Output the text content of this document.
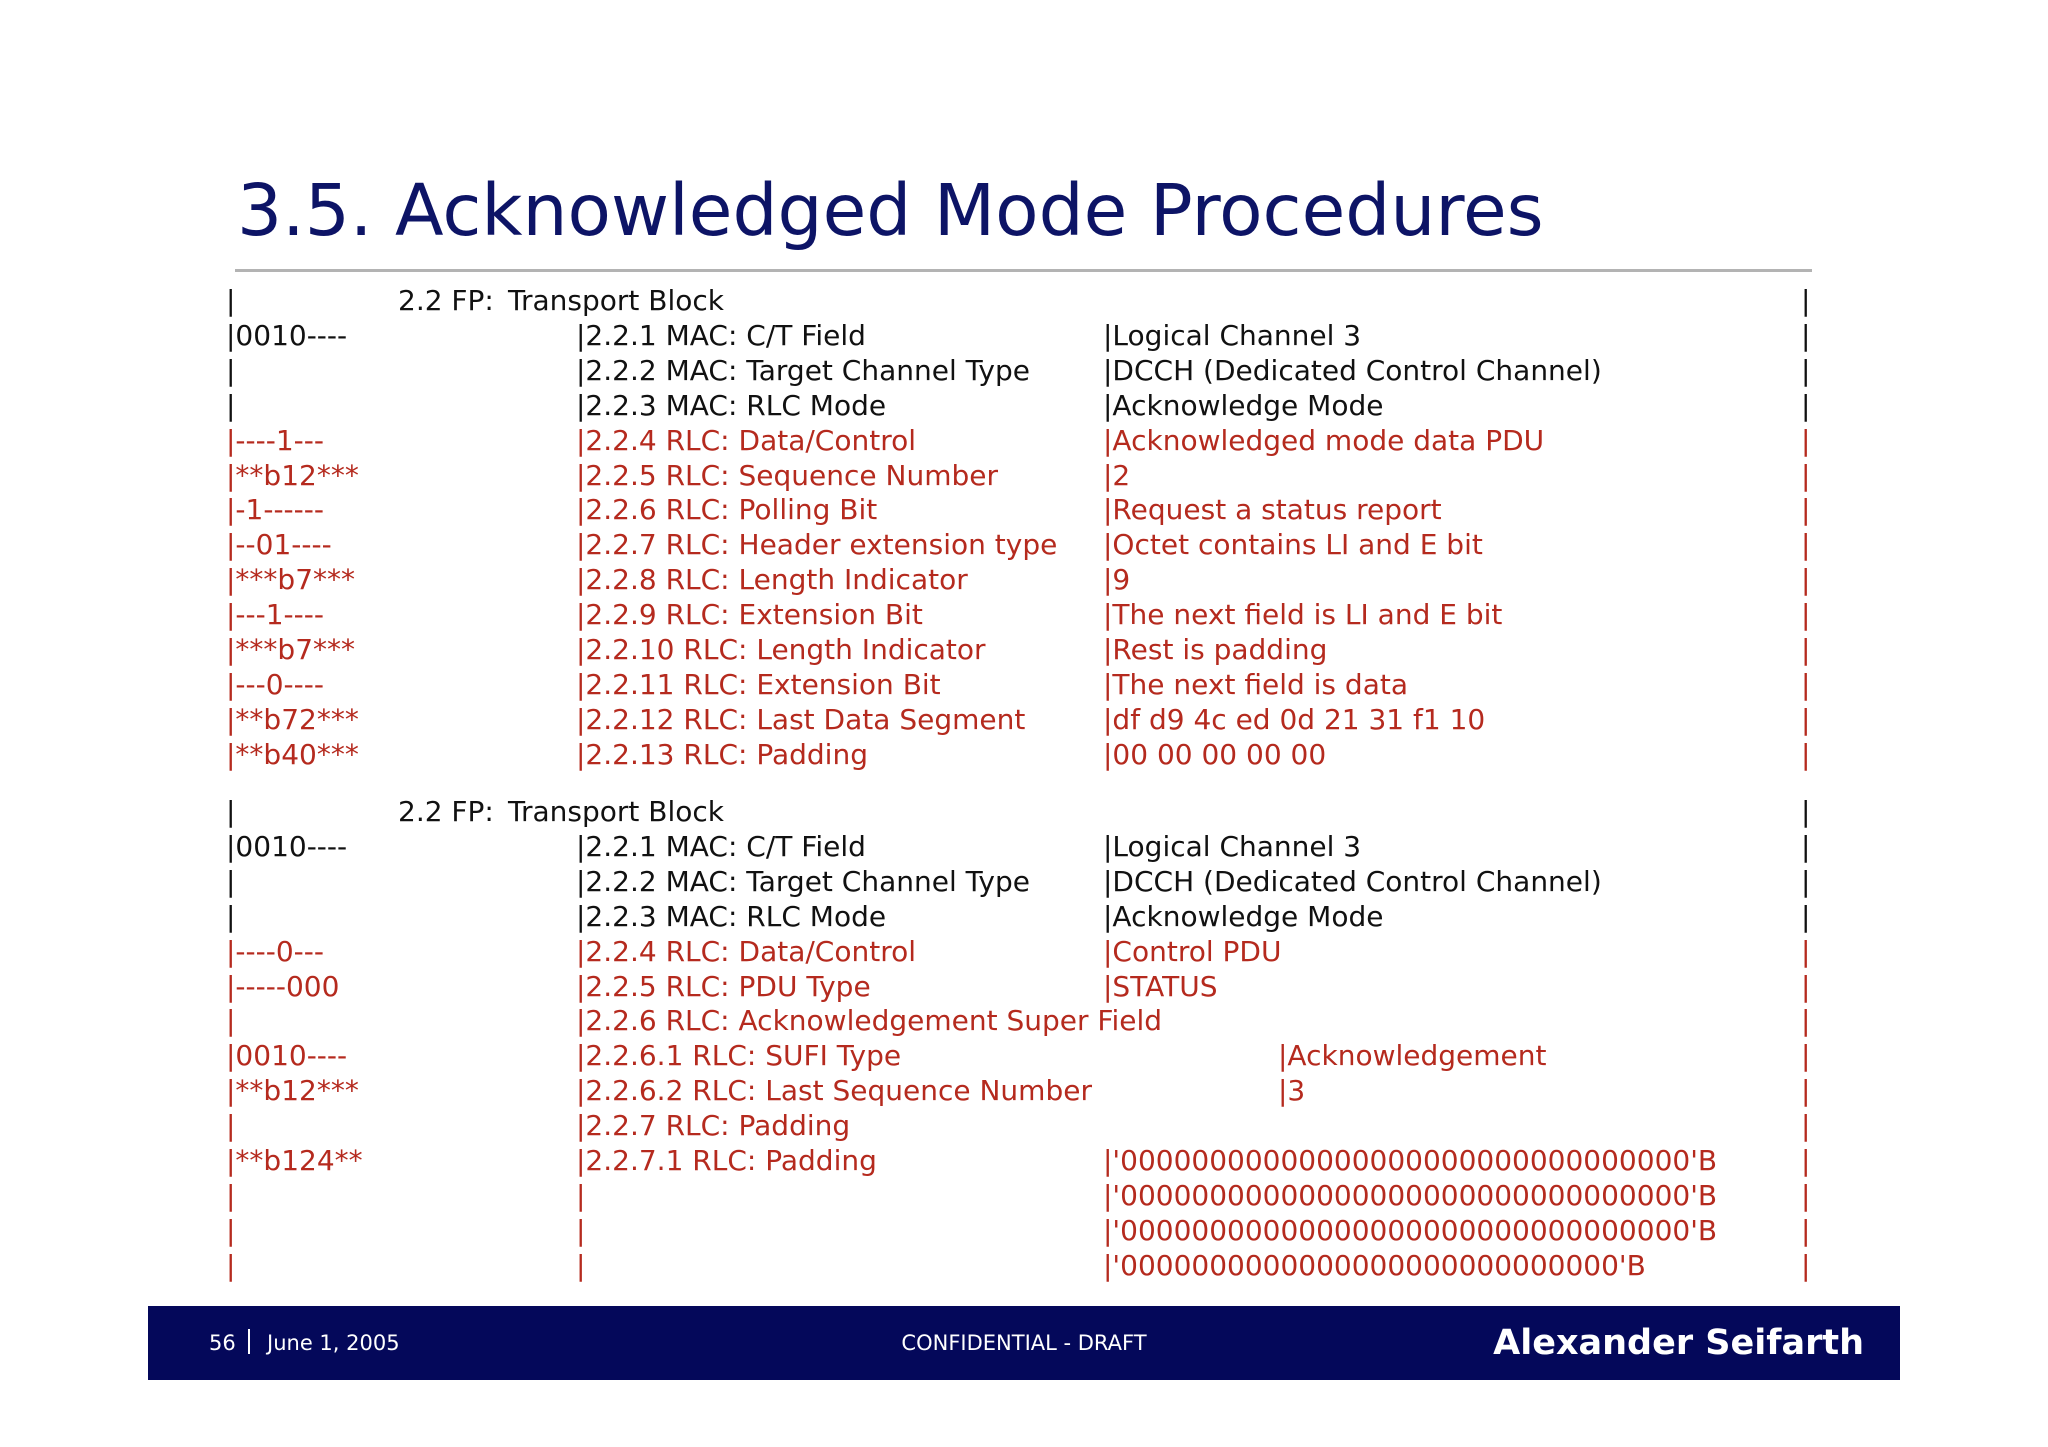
3.5. Acknowledged Mode Procedures
|	2.2 FP: Transport Block	|
|0010----	|2.2.1 MAC: C/T Field	|Logical Channel 3	|
|	|2.2.2 MAC: Target Channel Type	|DCCH (Dedicated Control Channel)	|
|	|2.2.3 MAC: RLC Mode	|Acknowledge Mode	|
|----1---	|2.2.4 RLC: Data/Control	|Acknowledged mode data PDU	|
|**b12***	|2.2.5 RLC: Sequence Number	|2	|
|-1------	|2.2.6 RLC: Polling Bit	|Request a status report	|
|--01----	|2.2.7 RLC: Header extension type |Octet contains LI and E bit	|
|***b7***	|2.2.8 RLC: Length Indicator	|9	|
|---1----	|2.2.9 RLC: Extension Bit	|The next field is LI and E bit	|
|***b7***	|2.2.10 RLC: Length Indicator	|Rest is padding	|
|---0----	|2.2.11 RLC: Extension Bit	|The next field is data	|
|**b72***	|2.2.12 RLC: Last Data Segment	|df d9 4c ed 0d 21 31 f1 10	|
|**b40***	|2.2.13 RLC: Padding	|00 00 00 00 00	|
|	2.2 FP: Transport Block	|
|0010----	|2.2.1 MAC: C/T Field	|Logical Channel 3	|
|	|2.2.2 MAC: Target Channel Type	|DCCH (Dedicated Control Channel)	|
|	|2.2.3 MAC: RLC Mode	|Acknowledge Mode	|
|----0---	|2.2.4 RLC: Data/Control	|Control PDU	|
|-----000	|2.2.5 RLC: PDU Type	|STATUS	|
|	|2.2.6 RLC: Acknowledgement Super Field	|
|0010----	|2.2.6.1 RLC: SUFI Type	|Acknowledgement	|
|**b12***	|2.2.6.2 RLC: Last Sequence Number	|3	|
|	|2.2.7 RLC: Padding	|
|**b124**	|2.2.7.1 RLC: Padding	|'00000000000000000000000000000000'B	|
|	|	|'00000000000000000000000000000000'B	|
|	|	|'00000000000000000000000000000000'B	|
|	|	|'0000000000000000000000000000'B	|
56 June 1, 2005	CONFIDENTIAL - DRAFT	Alexander Seifarth
